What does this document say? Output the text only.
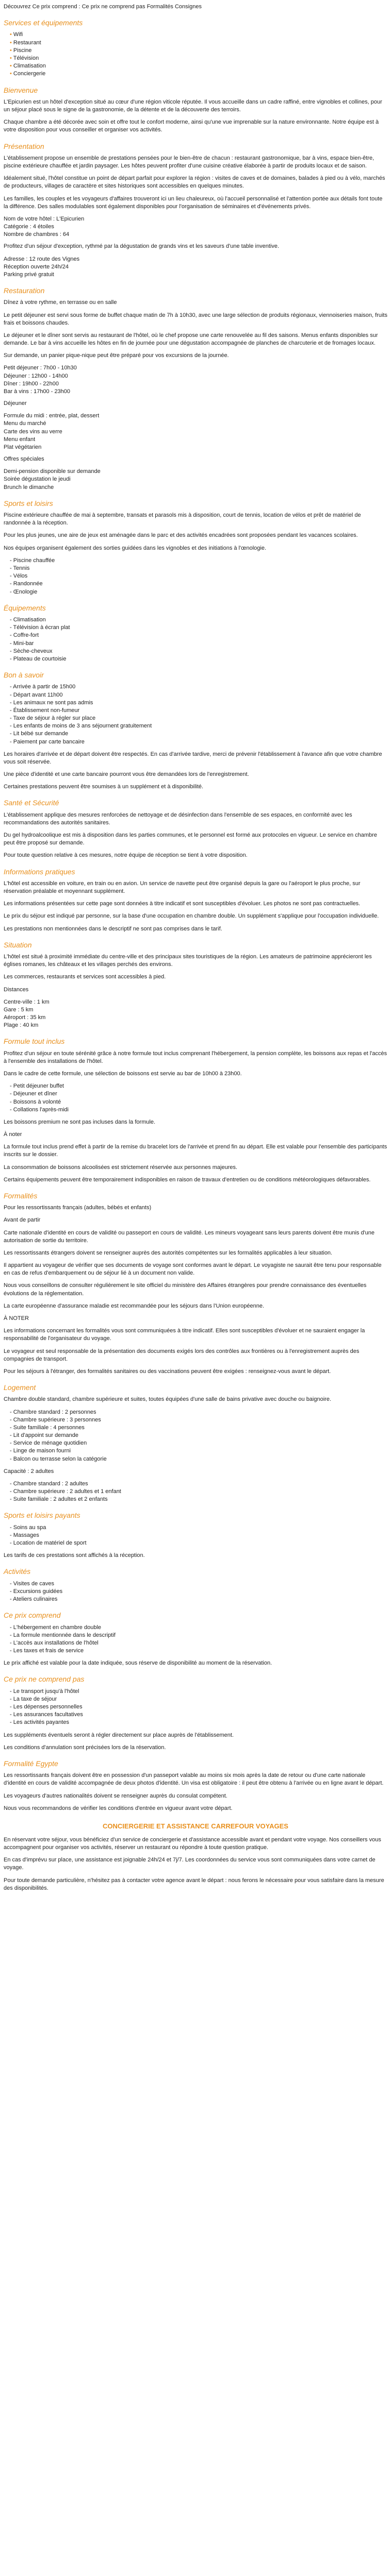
Découvrez Ce prix comprend : Ce prix ne comprend pas Formalités Consignes

Services et équipements
• Wifi
• Restaurant
• Piscine
• Télévision
• Climatisation
• Conciergerie
Bienvenue

L'Epicurien est un hôtel d'exception situé au cœur d'une région viticole réputée. Il vous accueille dans un cadre raffiné, entre vignobles et collines, pour un séjour placé sous le signe de la gastronomie, de la détente et de la découverte des terroirs.

Chaque chambre a été décorée avec soin et offre tout le confort moderne, ainsi qu'une vue imprenable sur la nature environnante. Notre équipe est à votre disposition pour vous conseiller et organiser vos activités.

Présentation

L'établissement propose un ensemble de prestations pensées pour le bien-être de chacun : restaurant gastronomique, bar à vins, espace bien-être, piscine extérieure chauffée et jardin paysager. Les hôtes peuvent profiter d'une cuisine créative élaborée à partir de produits locaux et de saison.

Idéalement situé, l'hôtel constitue un point de départ parfait pour explorer la région : visites de caves et de domaines, balades à pied ou à vélo, marchés de producteurs, villages de caractère et sites historiques sont accessibles en quelques minutes.

Les familles, les couples et les voyageurs d'affaires trouveront ici un lieu chaleureux, où l'accueil personnalisé et l'attention portée aux détails font toute la différence. Des salles modulables sont également disponibles pour l'organisation de séminaires et d'événements privés.

Nom de votre hôtel : L'Epicurien
Catégorie : 4 étoiles
Nombre de chambres : 64

Profitez d'un séjour d'exception, rythmé par la dégustation de grands vins et les saveurs d'une table inventive.

Adresse : 12 route des Vignes
Réception ouverte 24h/24
Parking privé gratuit
Restauration

Dînez à votre rythme, en terrasse ou en salle

Le petit déjeuner est servi sous forme de buffet chaque matin de 7h à 10h30, avec une large sélection de produits régionaux, viennoiseries maison, fruits frais et boissons chaudes.

Le déjeuner et le dîner sont servis au restaurant de l'hôtel, où le chef propose une carte renouvelée au fil des saisons. Menus enfants disponibles sur demande. Le bar à vins accueille les hôtes en fin de journée pour une dégustation accompagnée de planches de charcuterie et de fromages locaux.

Sur demande, un panier pique-nique peut être préparé pour vos excursions de la journée.

Petit déjeuner : 7h00 - 10h30
Déjeuner : 12h00 - 14h00
Dîner : 19h00 - 22h00
Bar à vins : 17h00 - 23h00

Déjeuner

Formule du midi : entrée, plat, dessert
Menu du marché
Carte des vins au verre
Menu enfant
Plat végétarien

Offres spéciales

Demi-pension disponible sur demande
Soirée dégustation le jeudi
Brunch le dimanche
Sports et loisirs

Piscine extérieure chauffée de mai à septembre, transats et parasols mis à disposition, court de tennis, location de vélos et prêt de matériel de randonnée à la réception.

Pour les plus jeunes, une aire de jeux est aménagée dans le parc et des activités encadrées sont proposées pendant les vacances scolaires.

Nos équipes organisent également des sorties guidées dans les vignobles et des initiations à l'œnologie.

- Piscine chauffée
- Tennis
- Vélos
- Randonnée
- Œnologie
Équipements
- Climatisation
- Télévision à écran plat
- Coffre-fort
- Mini-bar
- Sèche-cheveux
- Plateau de courtoisie
Bon à savoir
- Arrivée à partir de 15h00
- Départ avant 11h00
- Les animaux ne sont pas admis
- Établissement non-fumeur
- Taxe de séjour à régler sur place
- Les enfants de moins de 3 ans séjournent gratuitement
- Lit bébé sur demande
- Paiement par carte bancaire

Les horaires d'arrivée et de départ doivent être respectés. En cas d'arrivée tardive, merci de prévenir l'établissement à l'avance afin que votre chambre vous soit réservée.

Une pièce d'identité et une carte bancaire pourront vous être demandées lors de l'enregistrement.

Certaines prestations peuvent être soumises à un supplément et à disponibilité.

Santé et Sécurité

L'établissement applique des mesures renforcées de nettoyage et de désinfection dans l'ensemble de ses espaces, en conformité avec les recommandations des autorités sanitaires.

Du gel hydroalcoolique est mis à disposition dans les parties communes, et le personnel est formé aux protocoles en vigueur. Le service en chambre peut être proposé sur demande.

Pour toute question relative à ces mesures, notre équipe de réception se tient à votre disposition.

Informations pratiques

L'hôtel est accessible en voiture, en train ou en avion. Un service de navette peut être organisé depuis la gare ou l'aéroport le plus proche, sur réservation préalable et moyennant supplément.

Les informations présentées sur cette page sont données à titre indicatif et sont susceptibles d'évoluer. Les photos ne sont pas contractuelles.

Le prix du séjour est indiqué par personne, sur la base d'une occupation en chambre double. Un supplément s'applique pour l'occupation individuelle.

Les prestations non mentionnées dans le descriptif ne sont pas comprises dans le tarif.

Situation

L'hôtel est situé à proximité immédiate du centre-ville et des principaux sites touristiques de la région. Les amateurs de patrimoine apprécieront les églises romanes, les châteaux et les villages perchés des environs.

Les commerces, restaurants et services sont accessibles à pied.

Distances

Centre-ville : 1 km
Gare : 5 km
Aéroport : 35 km
Plage : 40 km
Formule tout inclus

Profitez d'un séjour en toute sérénité grâce à notre formule tout inclus comprenant l'hébergement, la pension complète, les boissons aux repas et l'accès à l'ensemble des installations de l'hôtel.

Dans le cadre de cette formule, une sélection de boissons est servie au bar de 10h00 à 23h00.

- Petit déjeuner buffet
- Déjeuner et dîner
- Boissons à volonté
- Collations l'après-midi

Les boissons premium ne sont pas incluses dans la formule.

À noter

La formule tout inclus prend effet à partir de la remise du bracelet lors de l'arrivée et prend fin au départ. Elle est valable pour l'ensemble des participants inscrits sur le dossier.

La consommation de boissons alcoolisées est strictement réservée aux personnes majeures.

Certains équipements peuvent être temporairement indisponibles en raison de travaux d'entretien ou de conditions météorologiques défavorables.

Formalités

Pour les ressortissants français (adultes, bébés et enfants)

Avant de partir

Carte nationale d'identité en cours de validité ou passeport en cours de validité. Les mineurs voyageant sans leurs parents doivent être munis d'une autorisation de sortie du territoire.

Les ressortissants étrangers doivent se renseigner auprès des autorités compétentes sur les formalités applicables à leur situation.

Il appartient au voyageur de vérifier que ses documents de voyage sont conformes avant le départ. Le voyagiste ne saurait être tenu pour responsable en cas de refus d'embarquement ou de séjour lié à un document non valide.

Nous vous conseillons de consulter régulièrement le site officiel du ministère des Affaires étrangères pour prendre connaissance des éventuelles évolutions de la réglementation.

La carte européenne d'assurance maladie est recommandée pour les séjours dans l'Union européenne.

À NOTER

Les informations concernant les formalités vous sont communiquées à titre indicatif. Elles sont susceptibles d'évoluer et ne sauraient engager la responsabilité de l'organisateur du voyage.

Le voyageur est seul responsable de la présentation des documents exigés lors des contrôles aux frontières ou à l'enregistrement auprès des compagnies de transport.

Pour les séjours à l'étranger, des formalités sanitaires ou des vaccinations peuvent être exigées : renseignez-vous avant le départ.

Logement

Chambre double standard, chambre supérieure et suites, toutes équipées d'une salle de bains privative avec douche ou baignoire.

- Chambre standard : 2 personnes
- Chambre supérieure : 3 personnes
- Suite familiale : 4 personnes
- Lit d'appoint sur demande
- Service de ménage quotidien
- Linge de maison fourni
- Balcon ou terrasse selon la catégorie

Capacité : 2 adultes

- Chambre standard : 2 adultes
- Chambre supérieure : 2 adultes et 1 enfant
- Suite familiale : 2 adultes et 2 enfants
Sports et loisirs payants
- Soins au spa
- Massages
- Location de matériel de sport

Les tarifs de ces prestations sont affichés à la réception.

Activités
- Visites de caves
- Excursions guidées
- Ateliers culinaires
Ce prix comprend
- L'hébergement en chambre double
- La formule mentionnée dans le descriptif
- L'accès aux installations de l'hôtel
- Les taxes et frais de service

Le prix affiché est valable pour la date indiquée, sous réserve de disponibilité au moment de la réservation.

Ce prix ne comprend pas
- Le transport jusqu'à l'hôtel
- La taxe de séjour
- Les dépenses personnelles
- Les assurances facultatives
- Les activités payantes

Les suppléments éventuels seront à régler directement sur place auprès de l'établissement.

Les conditions d'annulation sont précisées lors de la réservation.

Formalité Egypte

Les ressortissants français doivent être en possession d'un passeport valable au moins six mois après la date de retour ou d'une carte nationale d'identité en cours de validité accompagnée de deux photos d'identité. Un visa est obligatoire : il peut être obtenu à l'arrivée ou en ligne avant le départ.

Les voyageurs d'autres nationalités doivent se renseigner auprès du consulat compétent.

Nous vous recommandons de vérifier les conditions d'entrée en vigueur avant votre départ.

CONCIERGERIE ET ASSISTANCE CARREFOUR VOYAGES

En réservant votre séjour, vous bénéficiez d'un service de conciergerie et d'assistance accessible avant et pendant votre voyage. Nos conseillers vous accompagnent pour organiser vos activités, réserver un restaurant ou répondre à toute question pratique.

En cas d'imprévu sur place, une assistance est joignable 24h/24 et 7j/7. Les coordonnées du service vous sont communiquées dans votre carnet de voyage.

Pour toute demande particulière, n'hésitez pas à contacter votre agence avant le départ : nous ferons le nécessaire pour vous satisfaire dans la mesure des disponibilités.
